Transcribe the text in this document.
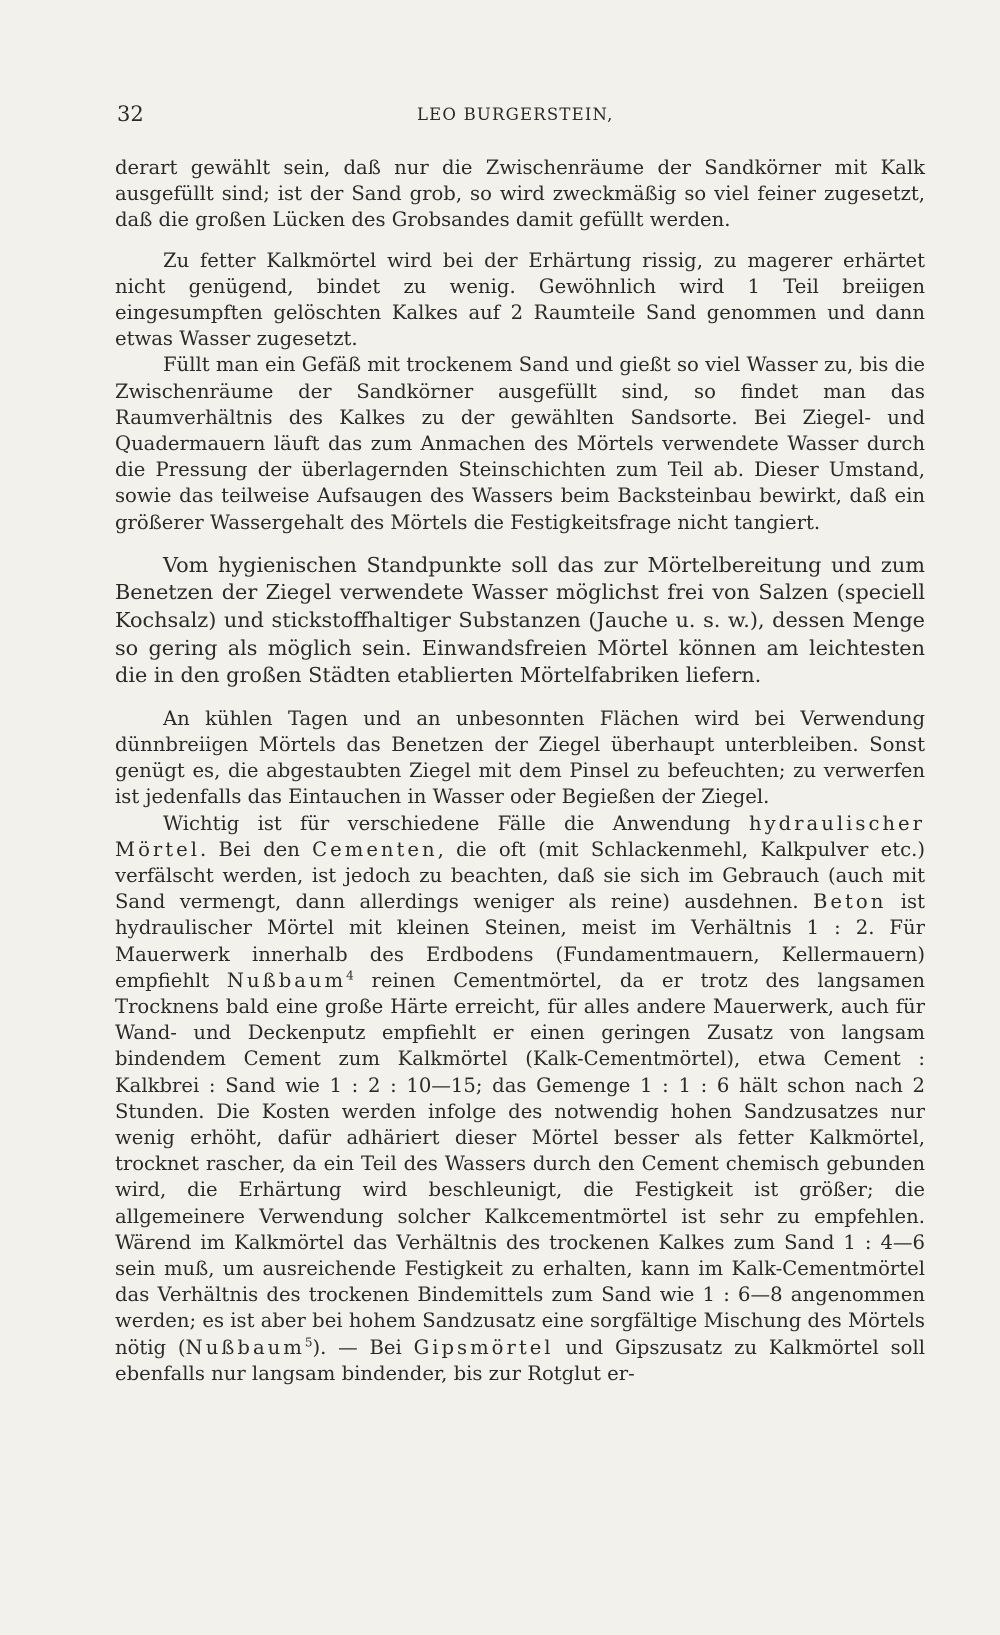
32	LEO BURGERSTEIN,

derart gewählt sein, daß nur die Zwischenräume der Sandkörner mit Kalk ausgefüllt sind; ist der Sand grob, so wird zweckmäßig so viel feiner zugesetzt, daß die großen Lücken des Grobsandes damit gefüllt werden.

Zu fetter Kalkmörtel wird bei der Erhärtung rissig, zu magerer erhärtet nicht genügend, bindet zu wenig. Gewöhnlich wird 1 Teil breiigen eingesumpften gelöschten Kalkes auf 2 Raumteile Sand genommen und dann etwas Wasser zugesetzt.

Füllt man ein Gefäß mit trockenem Sand und gießt so viel Wasser zu, bis die Zwischenräume der Sandkörner ausgefüllt sind, so findet man das Raumverhältnis des Kalkes zu der gewählten Sandsorte. Bei Ziegel- und Quadermauern läuft das zum Anmachen des Mörtels verwendete Wasser durch die Pressung der überlagernden Steinschichten zum Teil ab. Dieser Umstand, sowie das teilweise Aufsaugen des Wassers beim Backsteinbau bewirkt, daß ein größerer Wassergehalt des Mörtels die Festigkeitsfrage nicht tangiert.

Vom hygienischen Standpunkte soll das zur Mörtelbereitung und zum Benetzen der Ziegel verwendete Wasser möglichst frei von Salzen (speciell Kochsalz) und stickstoffhaltiger Substanzen (Jauche u. s. w.), dessen Menge so gering als möglich sein. Einwandsfreien Mörtel können am leichtesten die in den großen Städten etablierten Mörtelfabriken liefern.

An kühlen Tagen und an unbesonnten Flächen wird bei Verwendung dünnbreiigen Mörtels das Benetzen der Ziegel überhaupt unterbleiben. Sonst genügt es, die abgestaubten Ziegel mit dem Pinsel zu befeuchten; zu verwerfen ist jedenfalls das Eintauchen in Wasser oder Begießen der Ziegel.

Wichtig ist für verschiedene Fälle die Anwendung hydraulischer Mörtel. Bei den Cementen, die oft (mit Schlackenmehl, Kalkpulver etc.) verfälscht werden, ist jedoch zu beachten, daß sie sich im Gebrauch (auch mit Sand vermengt, dann allerdings weniger als reine) ausdehnen. Beton ist hydraulischer Mörtel mit kleinen Steinen, meist im Verhältnis 1 : 2. Für Mauerwerk innerhalb des Erdbodens (Fundamentmauern, Kellermauern) empfiehlt Nußbaum$^4$ reinen Cementmörtel, da er trotz des langsamen Trocknens bald eine große Härte erreicht, für alles andere Mauerwerk, auch für Wand- und Deckenputz empfiehlt er einen geringen Zusatz von langsam bindendem Cement zum Kalkmörtel (Kalk-Cementmörtel), etwa Cement : Kalkbrei : Sand wie 1 : 2 : 10—15; das Gemenge 1 : 1 : 6 hält schon nach 2 Stunden. Die Kosten werden infolge des notwendig hohen Sandzusatzes nur wenig erhöht, dafür adhäriert dieser Mörtel besser als fetter Kalkmörtel, trocknet rascher, da ein Teil des Wassers durch den Cement chemisch gebunden wird, die Erhärtung wird beschleunigt, die Festigkeit ist größer; die allgemeinere Verwendung solcher Kalkcementmörtel ist sehr zu empfehlen. Wärend im Kalkmörtel das Verhältnis des trockenen Kalkes zum Sand 1 : 4—6 sein muß, um ausreichende Festigkeit zu erhalten, kann im Kalk-Cementmörtel das Verhältnis des trockenen Bindemittels zum Sand wie 1 : 6—8 angenommen werden; es ist aber bei hohem Sandzusatz eine sorgfältige Mischung des Mörtels nötig (Nußbaum$^5$). — Bei Gipsmörtel und Gipszusatz zu Kalkmörtel soll ebenfalls nur langsam bindender, bis zur Rotglut er-
